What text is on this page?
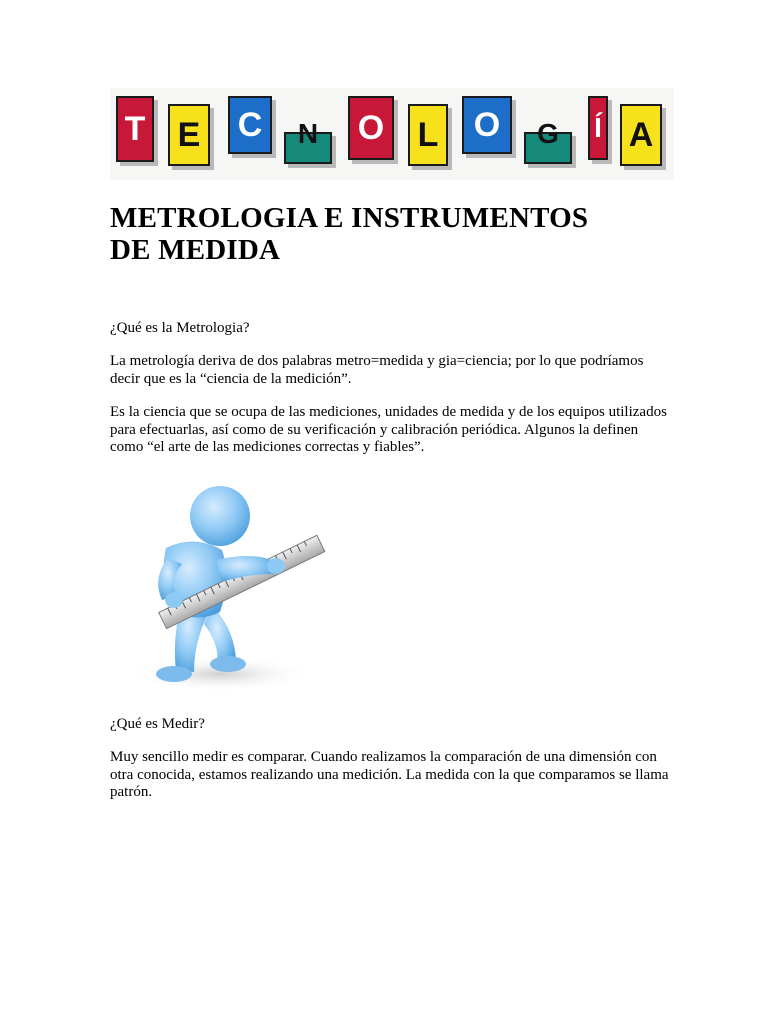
T E C N O L O G Í A
METROLOGIA E INSTRUMENTOS
DE MEDIDA

¿Qué es la Metrologia?

La metrología deriva de dos palabras metro=medida y gia=ciencia; por lo que podríamos decir que es la “ciencia de la medición”.

Es la ciencia que se ocupa de las mediciones, unidades de medida y de los equipos utilizados para efectuarlas, así como de su verificación y calibración periódica. Algunos la definen como “el arte de las mediciones correctas y fiables”.

¿Qué es Medir?

Muy sencillo medir es comparar. Cuando realizamos la comparación de una dimensión con otra conocida, estamos realizando una medición. La medida con la que comparamos se llama patrón.
